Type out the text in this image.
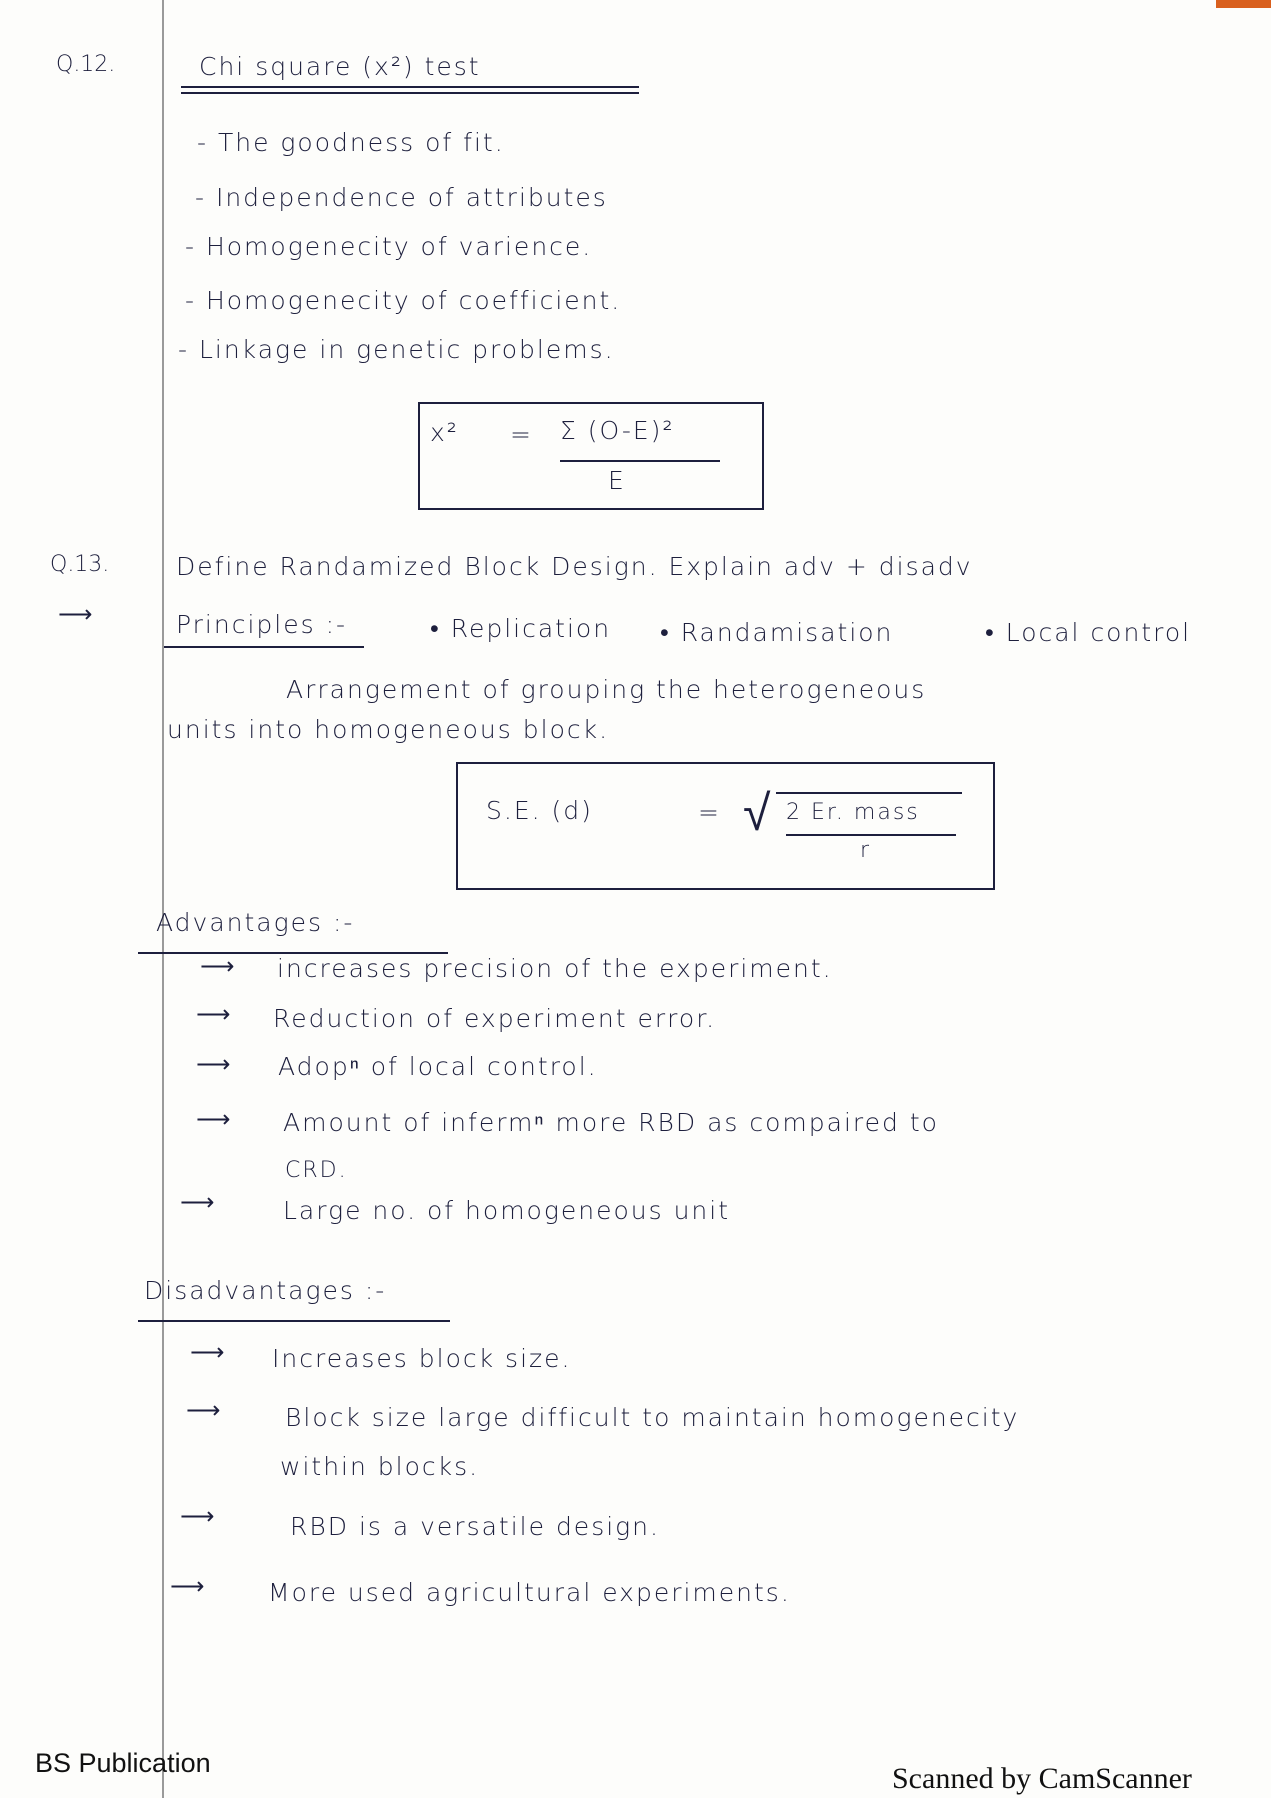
Q.12.	Chi square (x²) test
- The goodness of fit.
- Independence of attributes
- Homogenecity of varience.
- Homogenecity of coefficient.
- Linkage in genetic problems.
x² = Σ (O-E)²
E
Q.13.	Define Randamized Block Design. Explain adv + disadv
⟶	Principles :-	• Replication • Randamisation	• Local control
Arrangement of grouping the heterogeneous
units into homogeneous block.
S.E. (d)	= √ 2 Er. mass
r
Advantages :-
⟶ increases precision of the experiment.
⟶ Reduction of experiment error.
⟶ Adopⁿ of local control.
⟶ Amount of infermⁿ more RBD as compaired to
CRD.
⟶	Large no. of homogeneous unit
Disadvantages :-
⟶ Increases block size.
⟶	Block size large difficult to maintain homogenecity
within blocks.
⟶	RBD is a versatile design.
⟶	More used agricultural experiments.
BS Publication	Scanned by CamScanner
